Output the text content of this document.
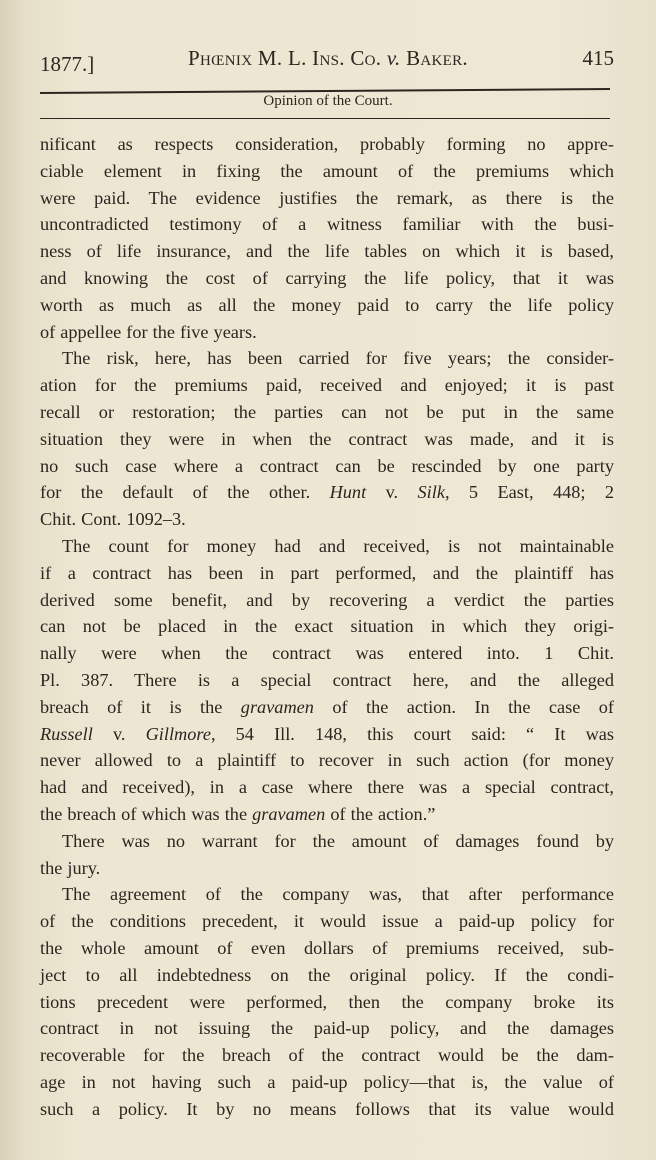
1877.]	Phœnix M. L. Ins. Co. v. Baker.	415
Opinion of the Court.
nificant as respects consideration, probably forming no appre-
ciable element in fixing the amount of the premiums which
were paid. The evidence justifies the remark, as there is the
uncontradicted testimony of a witness familiar with the busi-
ness of life insurance, and the life tables on which it is based,
and knowing the cost of carrying the life policy, that it was
worth as much as all the money paid to carry the life policy
of appellee for the five years.
The risk, here, has been carried for five years; the consider-
ation for the premiums paid, received and enjoyed; it is past
recall or restoration; the parties can not be put in the same
situation they were in when the contract was made, and it is
no such case where a contract can be rescinded by one party
for the default of the other. Hunt v. Silk, 5 East, 448; 2
Chit. Cont. 1092–3.
The count for money had and received, is not maintainable
if a contract has been in part performed, and the plaintiff has
derived some benefit, and by recovering a verdict the parties
can not be placed in the exact situation in which they origi-
nally were when the contract was entered into. 1 Chit.
Pl. 387. There is a special contract here, and the alleged
breach of it is the gravamen of the action. In the case of
Russell v. Gillmore, 54 Ill. 148, this court said: “ It was
never allowed to a plaintiff to recover in such action (for money
had and received), in a case where there was a special contract,
the breach of which was the gravamen of the action.”
There was no warrant for the amount of damages found by
the jury.
The agreement of the company was, that after performance
of the conditions precedent, it would issue a paid-up policy for
the whole amount of even dollars of premiums received, sub-
ject to all indebtedness on the original policy. If the condi-
tions precedent were performed, then the company broke its
contract in not issuing the paid-up policy, and the damages
recoverable for the breach of the contract would be the dam-
age in not having such a paid-up policy—that is, the value of
such a policy. It by no means follows that its value would
